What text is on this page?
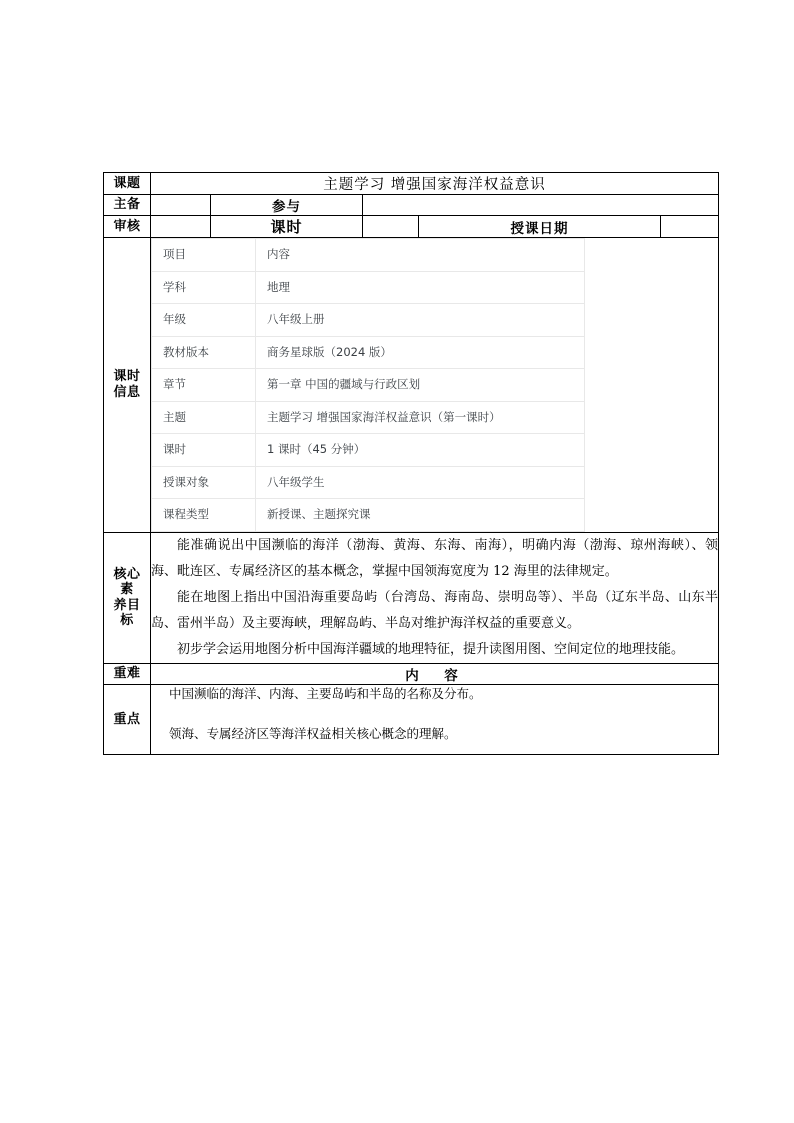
课题	主题学习 增强国家海洋权益意识
主备		参与	
审核		课时		授课日期	

课时
信息

项目	内容
学科	地理
年级	八年级上册
教材版本	商务星球版（2024 版）
章节	第一章 中国的疆域与行政区划
主题	主题学习 增强国家海洋权益意识（第一课时）
课时	1 课时（45 分钟）
授课对象	八年级学生
课程类型	新授课、主题探究课

核心
素
养目
标

能准确说出中国濒临的海洋（渤海、黄海、东海、南海），明确内海（渤海、琼州海峡）、领海、毗连区、专属经济区的基本概念，掌握中国领海宽度为 12 海里的法律规定。

能在地图上指出中国沿海重要岛屿（台湾岛、海南岛、崇明岛等）、半岛（辽东半岛、山东半岛、雷州半岛）及主要海峡，理解岛屿、半岛对维护海洋权益的重要意义。

初步学会运用地图分析中国海洋疆域的地理特征，提升读图用图、空间定位的地理技能。

重难	内　容
重点	

中国濒临的海洋、内海、主要岛屿和半岛的名称及分布。

领海、专属经济区等海洋权益相关核心概念的理解。
